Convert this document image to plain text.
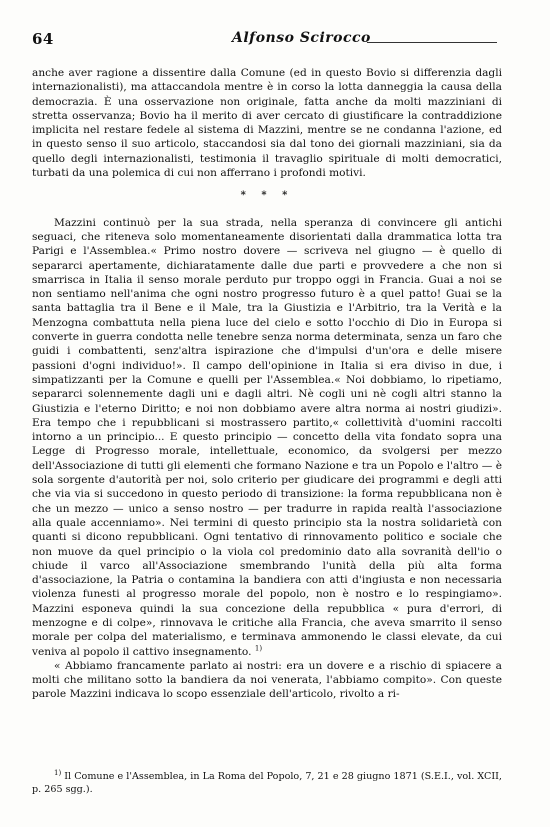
64	Alfonso Scirocco

anche aver ragione a dissentire dalla Comune (ed in questo Bovio si differenzia dagli internazionalisti), ma attaccandola mentre è in corso la lotta danneggia la causa della democrazia. È una osservazione non originale, fatta anche da molti mazziniani di stretta osservanza; Bovio ha il merito di aver cercato di giustificare la contraddizione implicita nel restare fedele al sistema di Mazzini, mentre se ne condanna l'azione, ed in questo senso il suo articolo, staccandosi sia dal tono dei giornali mazziniani, sia da quello degli internazionalisti, testimonia il travaglio spirituale di molti democratici, turbati da una polemica di cui non afferrano i profondi motivi.

* * *

Mazzini continuò per la sua strada, nella speranza di convincere gli antichi seguaci, che riteneva solo momentaneamente disorientati dalla drammatica lotta tra Parigi e l'Assemblea.« Primo nostro dovere — scriveva nel giugno — è quello di separarci apertamente, dichiaratamente dalle due parti e provvedere a che non si smarrisca in Italia il senso morale perduto pur troppo oggi in Francia. Guai a noi se non sentiamo nell'anima che ogni nostro progresso futuro è a quel patto! Guai se la santa battaglia tra il Bene e il Male, tra la Giustizia e l'Arbitrio, tra la Verità e la Menzogna combattuta nella piena luce del cielo e sotto l'occhio di Dio in Europa si converte in guerra condotta nelle tenebre senza norma determinata, senza un faro che guidi i combattenti, senz'altra ispirazione che d'impulsi d'un'ora e delle misere passioni d'ogni individuo!». Il campo dell'opinione in Italia si era diviso in due, i simpatizzanti per la Comune e quelli per l'Assemblea.« Noi dobbiamo, lo ripetiamo, separarci solennemente dagli uni e dagli altri. Nè cogli uni nè cogli altri stanno la Giustizia e l'eterno Diritto; e noi non dobbiamo avere altra norma ai nostri giudizi». Era tempo che i repubblicani si mostrassero partito,« collettività d'uomini raccolti intorno a un principio... E questo principio — concetto della vita fondato sopra una Legge di Progresso morale, intellettuale, economico, da svolgersi per mezzo dell'Associazione di tutti gli elementi che formano Nazione e tra un Popolo e l'altro — è sola sorgente d'autorità per noi, solo criterio per giudicare dei programmi e degli atti che via via si succedono in questo periodo di transizione: la forma repubblicana non è che un mezzo — unico a senso nostro — per tradurre in rapida realtà l'associazione alla quale accenniamo». Nei termini di questo principio sta la nostra solidarietà con quanti si dicono repubblicani. Ogni tentativo di rinnovamento politico e sociale che non muove da quel principio o la viola col predominio dato alla sovranità dell'io o chiude il varco all'Associazione smembrando l'unità della più alta forma d'associazione, la Patria o contamina la bandiera con atti d'ingiusta e non necessaria violenza funesti al progresso morale del popolo, non è nostro e lo respingiamo». Mazzini esponeva quindi la sua concezione della repubblica « pura d'errori, di menzogne e di colpe», rinnovava le critiche alla Francia, che aveva smarrito il senso morale per colpa del materialismo, e terminava ammonendo le classi elevate, da cui veniva al popolo il cattivo insegnamento. $^{1)}$

« Abbiamo francamente parlato ai nostri: era un dovere e a rischio di spiacere a molti che militano sotto la bandiera da noi venerata, l'abbiamo compito». Con queste parole Mazzini indicava lo scopo essenziale dell'articolo, rivolto a ri-

$^{1)}$ Il Comune e l'Assemblea, in La Roma del Popolo, 7, 21 e 28 giugno 1871 (S.E.I., vol. XCII, p. 265 sgg.).
